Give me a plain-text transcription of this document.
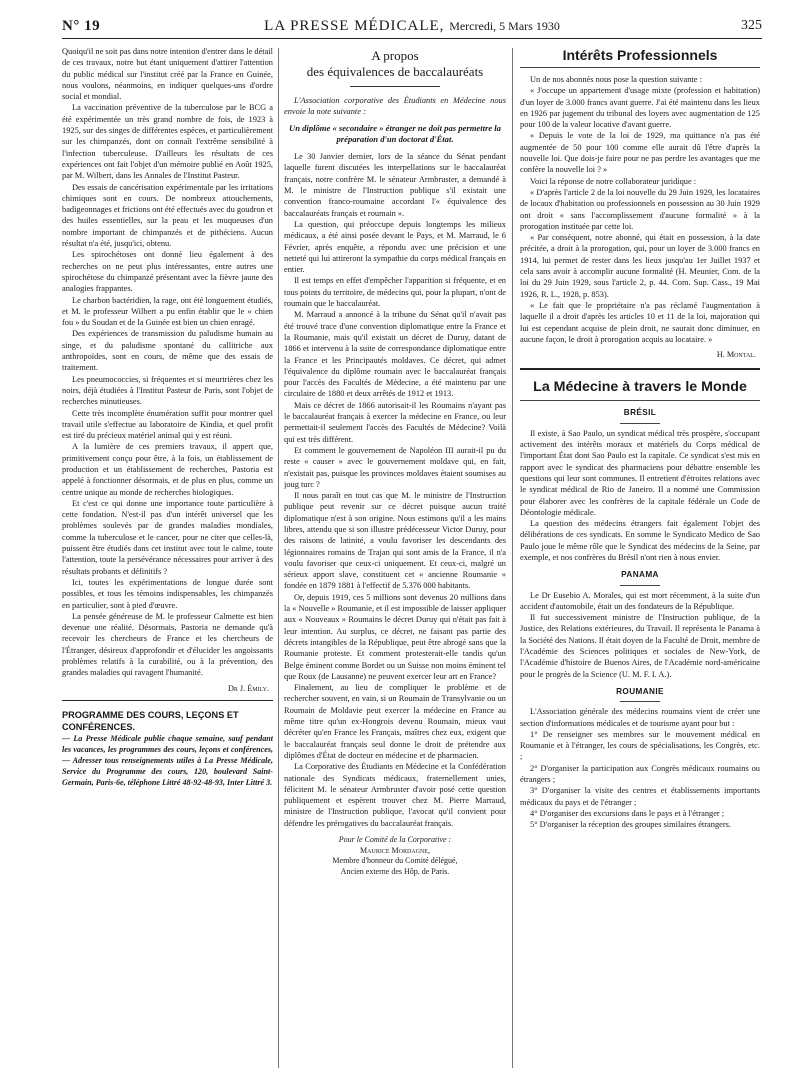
N° 19	LA PRESSE MÉDICALE, Mercredi, 5 Mars 1930	325

Quoiqu'il ne soit pas dans notre intention d'entrer dans le détail de ces travaux, notre but étant uniquement d'attirer l'attention du public médical sur l'institut créé par la France en Guinée, nous voulons, néanmoins, en indiquer quelques-uns d'ordre social et mondial.

La vaccination préventive de la tuberculose par le BCG a été expérimentée un très grand nombre de fois, de 1923 à 1925, sur des singes de différentes espèces, et particulièrement sur les chimpanzés, dont on connaît l'extrême sensibilité à l'infection tuberculeuse. D'ailleurs les résultats de ces expériences ont fait l'objet d'un mémoire publié en Août 1925, par M. Wilbert, dans les Annales de l'Institut Pasteur.

Des essais de cancérisation expérimentale par les irritations chimiques sont en cours. De nombreux attouchements, badigeonnages et frictions ont été effectués avec du goudron et des huiles essentielles, sur la peau et les muqueuses d'un nombre important de chimpanzés et de pithéciens. Aucun résultat n'a été, jusqu'ici, obtenu.

Les spirochétoses ont donné lieu également à des recherches on ne peut plus intéressantes, entre autres une spirochétose du chimpanzé présentant avec la fièvre jaune des analogies frappantes.

Le charbon bactéridien, la rage, ont été longuement étudiés, et M. le professeur Wilbert a pu enfin établir que le « chien fou » du Soudan et de la Guinée est bien un chien enragé.

Des expériences de transmission du paludisme humain au singe, et du paludisme spontané du callitriche aux anthropoïdes, sont en cours, de même que des essais de traitement.

Les pneumococcies, si fréquentes et si meurtrières chez les noirs, déjà étudiées à l'Institut Pasteur de Paris, sont l'objet de recherches minutieuses.

Cette très incomplète énumération suffit pour montrer quel travail utile s'effectue au laboratoire de Kindia, et quel profit est tiré du précieux matériel animal qui y est réuni.

A la lumière de ces premiers travaux, il appert que, primitivement conçu pour être, à la fois, un établissement de production et un établissement de recherches, Pastoria est appelé à fonctionner désormais, et de plus en plus, comme un centre unique au monde de recherches biologiques.

Et c'est ce qui donne une importance toute particulière à cette fondation. N'est-il pas d'un intérêt universel que les problèmes soulevés par de grandes maladies mondiales, comme la tuberculose et le cancer, pour ne citer que celles-là, puissent être étudiés dans cet institut avec tout le calme, toute l'attention, toute la persévérance nécessaires pour arriver à des résultats probants et définitifs ?

Ici, toutes les expérimentations de longue durée sont possibles, et tous les témoins indispensables, les chimpanzés en particulier, sont à pied d'œuvre.

La pensée généreuse de M. le professeur Calmette est bien devenue une réalité. Désormais, Pastoria ne demande qu'à recevoir les chercheurs de France et les chercheurs de l'Étranger, désireux d'approfondir et d'élucider les angoissants problèmes relatifs à la curabilité, ou à la prévention, des grandes maladies qui ravagent l'humanité.

Dr J. Émily.
PROGRAMME DES COURS, LEÇONS ET CONFÉRENCES.
— La Presse Médicale publie chaque semaine, sauf pendant les vacances, les programmes des cours, leçons et conférences, — Adresser tous renseignements utiles à La Presse Médicale, Service du Programme des cours, 120, boulevard Saint-Germain, Paris-6e, téléphone Littré 48-92-48-93, Inter Littré 3.
A propos
des équivalences de baccalauréats

L'Association corporative des Étudiants en Médecine nous envoie la note suivante :

Un diplôme « secondaire » étranger ne doit pas permettre la préparation d'un doctorat d'État.

Le 30 Janvier dernier, lors de la séance du Sénat pendant laquelle furent discutées les interpellations sur le baccalauréat français, notre confrère M. le sénateur Armbruster, a demandé à M. le ministre de l'Instruction publique s'il existait une convention franco-roumaine accordant l'« équivalence des baccalauréats français et roumain ».

La question, qui préoccupe depuis longtemps les milieux médicaux, a été ainsi posée devant le Pays, et M. Marraud, le 6 Février, après enquête, a répondu avec une précision et une netteté qui lui attireront la sympathie du corps médical français en entier.

Il est temps en effet d'empêcher l'apparition si fréquente, et en tous points du territoire, de médecins qui, pour la plupart, n'ont de roumain que le baccalauréat.

M. Marraud a annoncé à la tribune du Sénat qu'il n'avait pas été trouvé trace d'une convention diplomatique entre la France et la Roumanie, mais qu'il existait un décret de Duruy, datant de 1866 et intervenu à la suite de correspondance diplomatique entre la France et les Principautés moldaves. Ce décret, qui admet l'équivalence du diplôme roumain avec le baccalauréat français pour l'accès des Facultés de Médecine, a été maintenu par une circulaire de 1880 et deux arrêtés de 1912 et 1913.

Mais ce décret de 1866 autorisait-il les Roumains n'ayant pas le baccalauréat français à exercer la médecine en France, ou leur permettait-il seulement l'accès des Facultés de Médecine? Voilà qui est très différent.

Et comment le gouvernement de Napoléon III aurait-il pu du reste « causer » avec le gouvernement moldave qui, en fait, n'existait pas, puisque les provinces moldaves étaient soumises au joug turc ?

Il nous paraît en tout cas que M. le ministre de l'Instruction publique peut revenir sur ce décret puisque aucun traité diplomatique n'est à son origine. Nous estimons qu'il a les mains libres, attendu que si son illustre prédécesseur Victor Duruy, pour des raisons de latinité, a voulu favoriser les descendants des légionnaires romains de Trajan qui sont amis de la France, il n'a voulu favoriser que ceux-ci uniquement. Et ceux-ci, malgré un sérieux apport slave, constituent cet « ancienne Roumanie » fondée en 1879 1881 à l'effectif de 5.376 000 habitants.

Or, depuis 1919, ces 5 millions sont devenus 20 millions dans la « Nouvelle » Roumanie, et il est impossible de laisser appliquer aux « Nouveaux » Roumains le décret Duruy qui n'était pas fait à leur intention. Au surplus, ce décret, ne faisant pas partie des décrets intangibles de la République, peut être abrogé sans que la Roumanie proteste. Et comment protesterait-elle tandis qu'un Belge éminent comme Bordet ou un Suisse non moins éminent tel que Roux (de Lausanne) ne peuvent exercer leur art en France?

Finalement, au lieu de compliquer le problème et de rechercher souvent, en vain, si un Roumain de Transylvanie ou un Roumain de Moldavie peut exercer la médecine en France au même titre qu'un ex-Hongrois devenu Roumain, mieux vaut décréter qu'en France les Français, maîtres chez eux, exigent que le baccalauréat français seul donne le droit de prétendre aux diplômes d'État de docteur en médecine et de pharmacien.

La Corporative des Étudiants en Médecine et la Confédération nationale des Syndicats médicaux, fraternellement unies, félicitent M. le sénateur Armbruster d'avoir posé cette question publiquement et espèrent trouver chez M. Pierre Marraud, ministre de l'Instruction publique, l'avocat qu'il convient pour défendre les prérogatives du baccalauréat français.

Pour le Comité de la Corporative :
Maurice Mordagne,
Membre d'honneur du Comité délégué,
Ancien externe des Hôp. de Paris.
Intérêts Professionnels

Un de nos abonnés nous pose la question suivante :

« J'occupe un appartement d'usage mixte (profession et habitation) d'un loyer de 3.000 francs avant guerre. J'ai été maintenu dans les lieux en 1926 par jugement du tribunal des loyers avec augmentation de 125 pour 100 de la valeur locative d'avant guerre.

« Depuis le vote de la loi de 1929, ma quittance n'a pas été augmentée de 50 pour 100 comme elle aurait dû l'être d'après la nouvelle loi. Que dois-je faire pour ne pas perdre les avantages que me confère la nouvelle loi ? »

Voici la réponse de notre collaborateur juridique :

« D'après l'article 2 de la loi nouvelle du 29 Juin 1929, les locataires de locaux d'habitation ou professionnels en possession au 30 Juin 1929 ont droit « sans l'accomplissement d'aucune formalité » à la prorogation instituée par cette loi.

« Par conséquent, notre abonné, qui était en possession, à la date précitée, a droit à la prorogation, qui, pour un loyer de 3.000 francs en 1914, lui permet de rester dans les lieux jusqu'au 1er Juillet 1937 et cela sans avoir à accomplir aucune formalité (H. Meunier, Com. de la loi du 29 Juin 1929, sous l'article 2, p. 44. Com. Sup. Cass., 19 Mai 1926, R. L., 1928, p. 853).

« Le fait que le propriétaire n'a pas réclamé l'augmentation à laquelle il a droit d'après les articles 10 et 11 de la loi, majoration qui lui est cependant acquise de plein droit, ne saurait donc diminuer, en aucune façon, le droit à prorogation acquis au locataire. »

H. Montal.
La Médecine à travers le Monde
BRÉSIL

Il existe, à Sao Paulo, un syndicat médical très prospère, s'occupant activement des intérêts moraux et matériels du Corps médical de l'important État dont Sao Paulo est la capitale. Ce syndicat s'est mis en rapport avec le syndicat des pharmaciens pour débattre ensemble les questions qui leur sont communes. Il entretient d'étroites relations avec le syndicat médical de Rio de Janeiro. Il a nommé une Commission pour élaborer avec les confrères de la capitale fédérale un Code de Déontologie médicale.

La question des médecins étrangers fait également l'objet des délibérations de ces syndicats. En somme le Syndicato Medico de Sao Paulo joue le même rôle que le Syndicat des médecins de la Seine, par exemple, et nos confrères du Brésil n'ont rien à nous envier.

PANAMA

Le Dr Eusebio A. Morales, qui est mort récemment, à la suite d'un accident d'automobile, était un des fondateurs de la République.

Il fut successivement ministre de l'Instruction publique, de la Justice, des Relations extérieures, du Travail. Il représenta le Panama à la Société des Nations. Il était doyen de la Faculté de Droit, membre de l'Académie des Sciences politiques et sociales de New-York, de l'Académie d'histoire de Buenos Aires, de l'Académie nord-américaine pour le progrès de la Science (U. M. F. I. A.).

ROUMANIE

L'Association générale des médecins roumains vient de créer une section d'informations médicales et de tourisme ayant pour but :

1° De renseigner ses membres sur le mouvement médical en Roumanie et à l'étranger, les cours de spécialisations, les Congrès, etc. ;

2° D'organiser la participation aux Congrès médicaux roumains ou étrangers ;

3° D'organiser la visite des centres et établissements importants médicaux du pays et de l'étranger ;

4° D'organiser des excursions dans le pays et à l'étranger ;

5° D'organiser la réception des groupes similaires étrangers.
